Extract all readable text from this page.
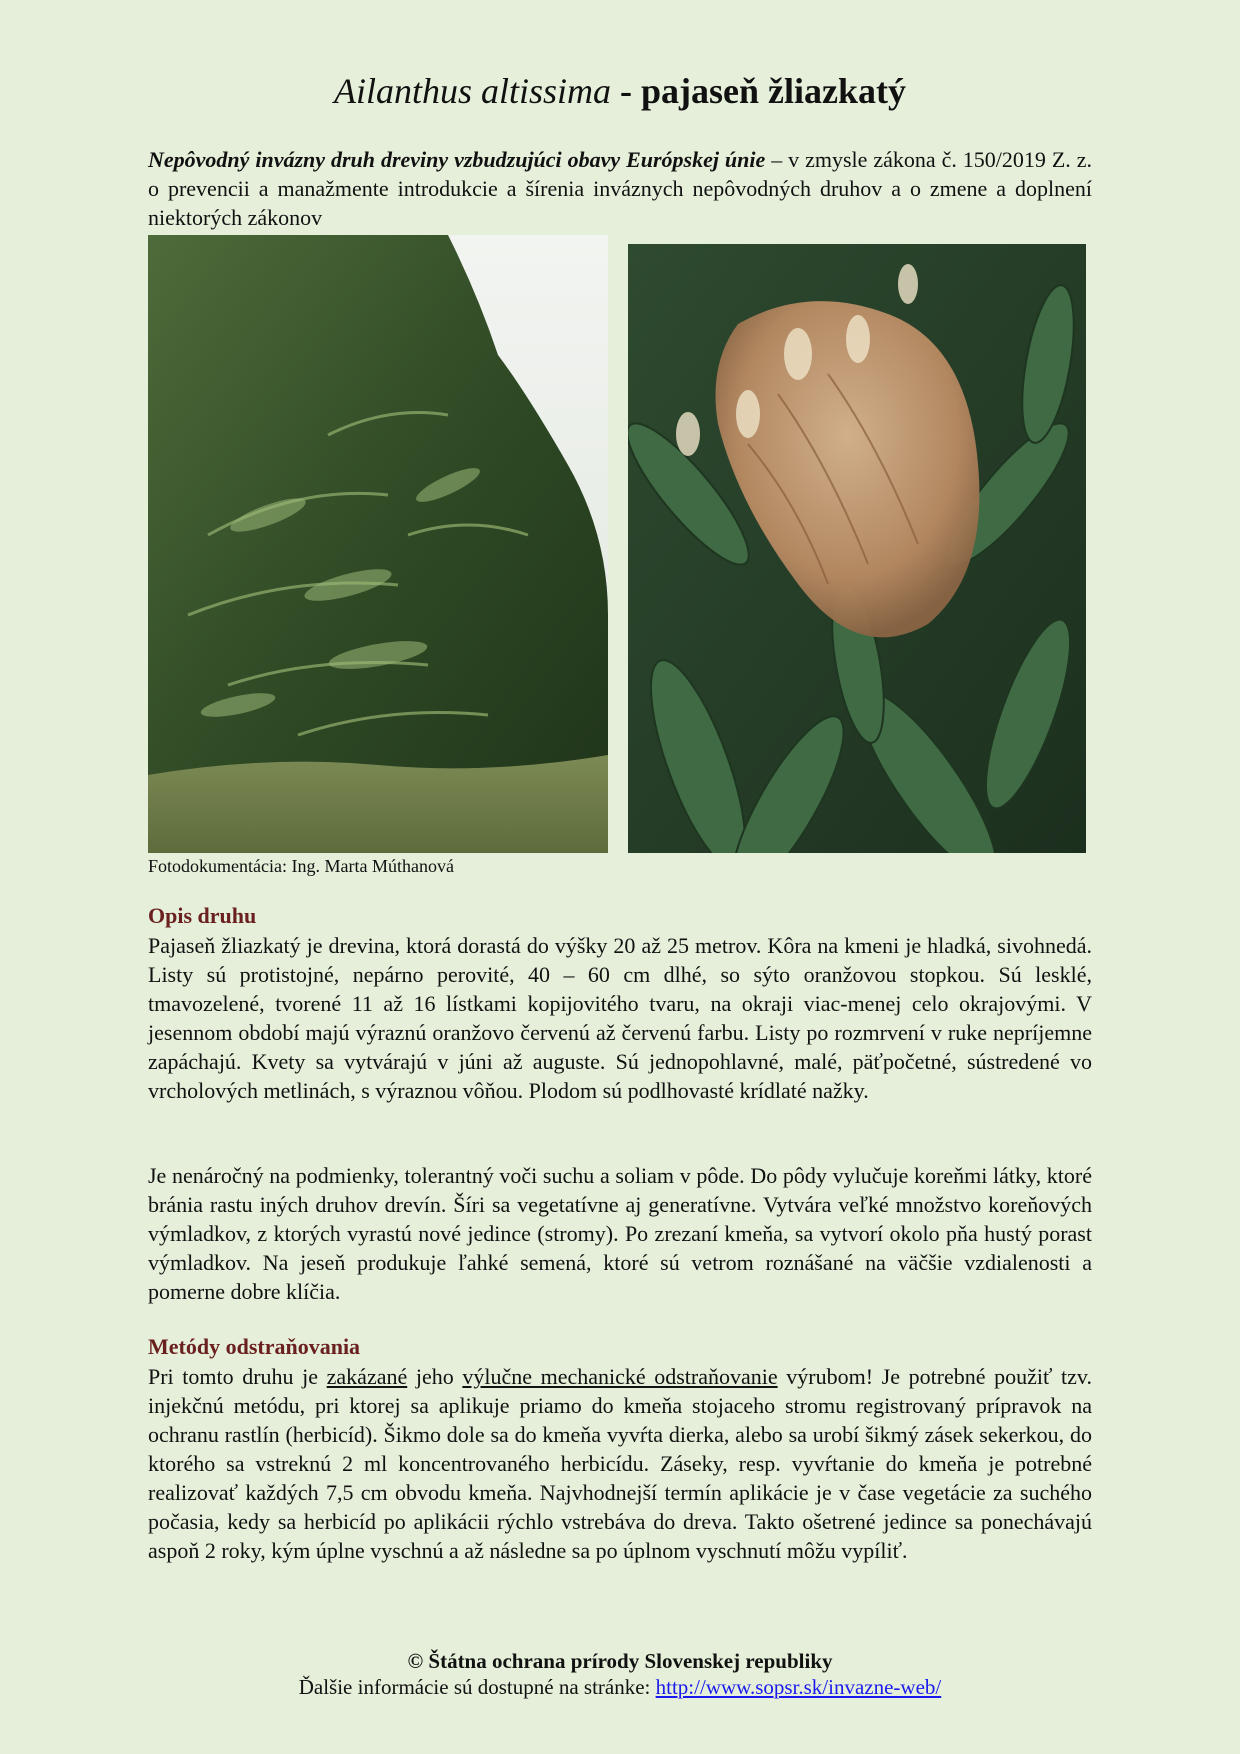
Ailanthus altissima - pajaseň žliazkatý
Nepôvodný invázny druh dreviny vzbudzujúci obavy Európskej únie – v zmysle zákona č. 150/2019 Z. z. o prevencii a manažmente introdukcie a šírenia inváznych nepôvodných druhov a o zmene a doplnení niektorých zákonov
Fotodokumentácia: Ing. Marta Múthanová
Opis druhu

Pajaseň žliazkatý je drevina, ktorá dorastá do výšky 20 až 25 metrov. Kôra na kmeni je hladká, sivohnedá. Listy sú protistojné, nepárno perovité, 40 – 60 cm dlhé, so sýto oranžovou stopkou. Sú lesklé, tmavozelené, tvorené 11 až 16 lístkami kopijovitého tvaru, na okraji viac-menej celo okrajovými. V jesennom období majú výraznú oranžovo červenú až červenú farbu. Listy po rozmrvení v ruke nepríjemne zapáchajú. Kvety sa vytvárajú v júni až auguste. Sú jednopohlavné, malé, päťpočetné, sústredené vo vrcholových metlinách, s výraznou vôňou. Plodom sú podlhovasté krídlaté nažky.

Je nenáročný na podmienky, tolerantný voči suchu a soliam v pôde. Do pôdy vylučuje koreňmi látky, ktoré bránia rastu iných druhov drevín. Šíri sa vegetatívne aj generatívne. Vytvára veľké množstvo koreňových výmladkov, z ktorých vyrastú nové jedince (stromy). Po zrezaní kmeňa, sa vytvorí okolo pňa hustý porast výmladkov. Na jeseň produkuje ľahké semená, ktoré sú vetrom roznášané na väčšie vzdialenosti a pomerne dobre klíčia.

Metódy odstraňovania

Pri tomto druhu je zakázané jeho výlučne mechanické odstraňovanie výrubom! Je potrebné použiť tzv. injekčnú metódu, pri ktorej sa aplikuje priamo do kmeňa stojaceho stromu registrovaný prípravok na ochranu rastlín (herbicíd). Šikmo dole sa do kmeňa vyvŕta dierka, alebo sa urobí šikmý zásek sekerkou, do ktorého sa vstreknú 2 ml koncentrovaného herbicídu. Záseky, resp. vyvŕtanie do kmeňa je potrebné realizovať každých 7,5 cm obvodu kmeňa. Najvhodnejší termín aplikácie je v čase vegetácie za suchého počasia, kedy sa herbicíd po aplikácii rýchlo vstrebáva do dreva. Takto ošetrené jedince sa ponechávajú aspoň 2 roky, kým úplne vyschnú a až následne sa po úplnom vyschnutí môžu vypíliť.

© Štátna ochrana prírody Slovenskej republiky
Ďalšie informácie sú dostupné na stránke: http://www.sopsr.sk/invazne-web/
